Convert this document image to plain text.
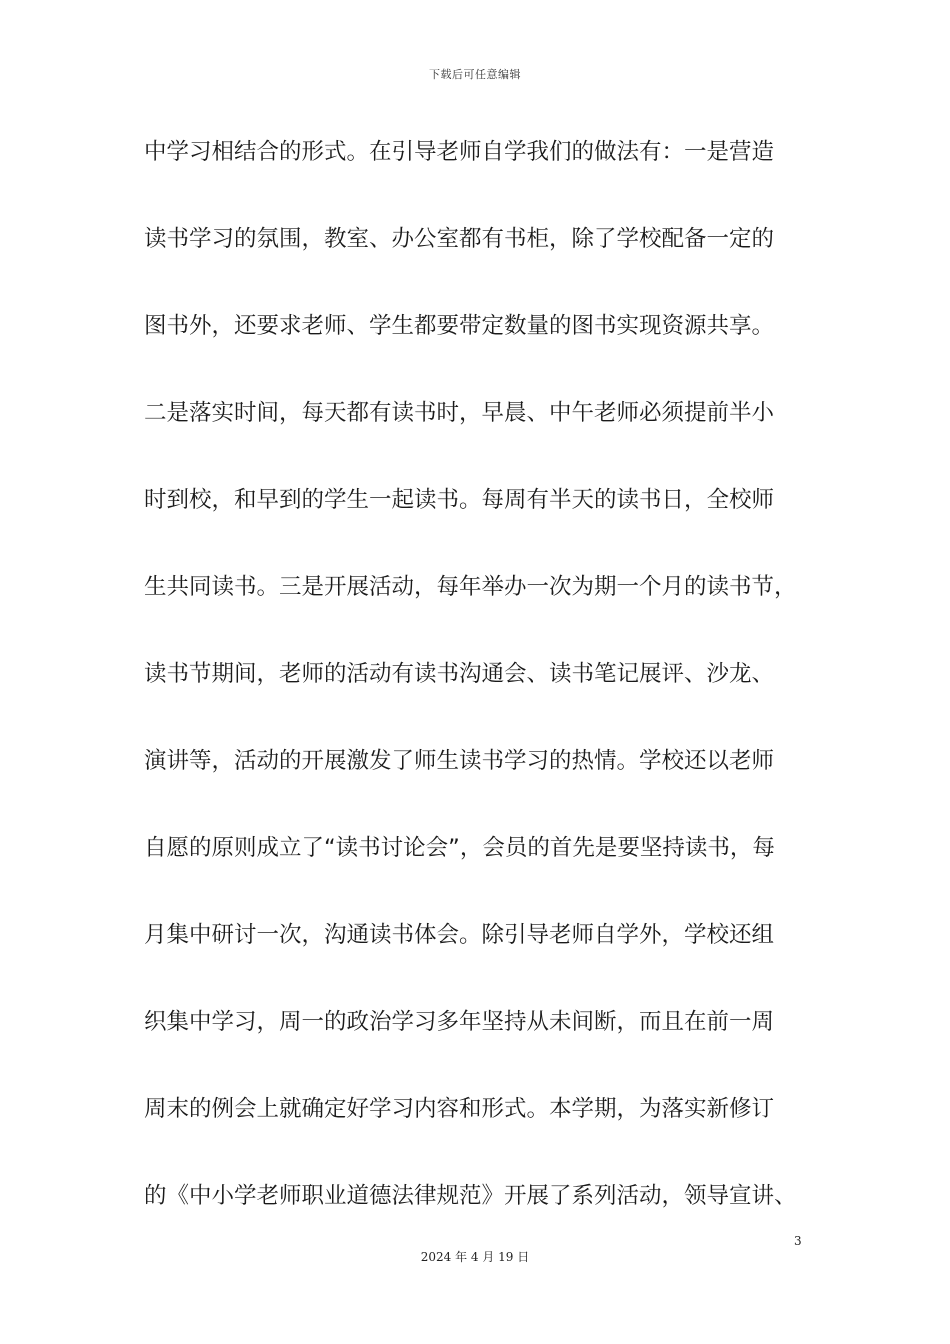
下载后可任意编辑
中学习相结合的形式。在引导老师自学我们的做法有：一是营造
读书学习的氛围，教室、办公室都有书柜，除了学校配备一定的
图书外，还要求老师、学生都要带定数量的图书实现资源共享。
二是落实时间，每天都有读书时，早晨、中午老师必须提前半小
时到校，和早到的学生一起读书。每周有半天的读书日，全校师
生共同读书。三是开展活动，每年举办一次为期一个月的读书节，
读书节期间，老师的活动有读书沟通会、读书笔记展评、沙龙、
演讲等，活动的开展激发了师生读书学习的热情。学校还以老师
自愿的原则成立了“读书讨论会”，会员的首先是要坚持读书，每
月集中研讨一次，沟通读书体会。除引导老师自学外，学校还组
织集中学习，周一的政治学习多年坚持从未间断，而且在前一周
周末的例会上就确定好学习内容和形式。本学期，为落实新修订
的《中小学老师职业道德法律规范》开展了系列活动，领导宣讲、
3
2024 年 4 月 19 日
